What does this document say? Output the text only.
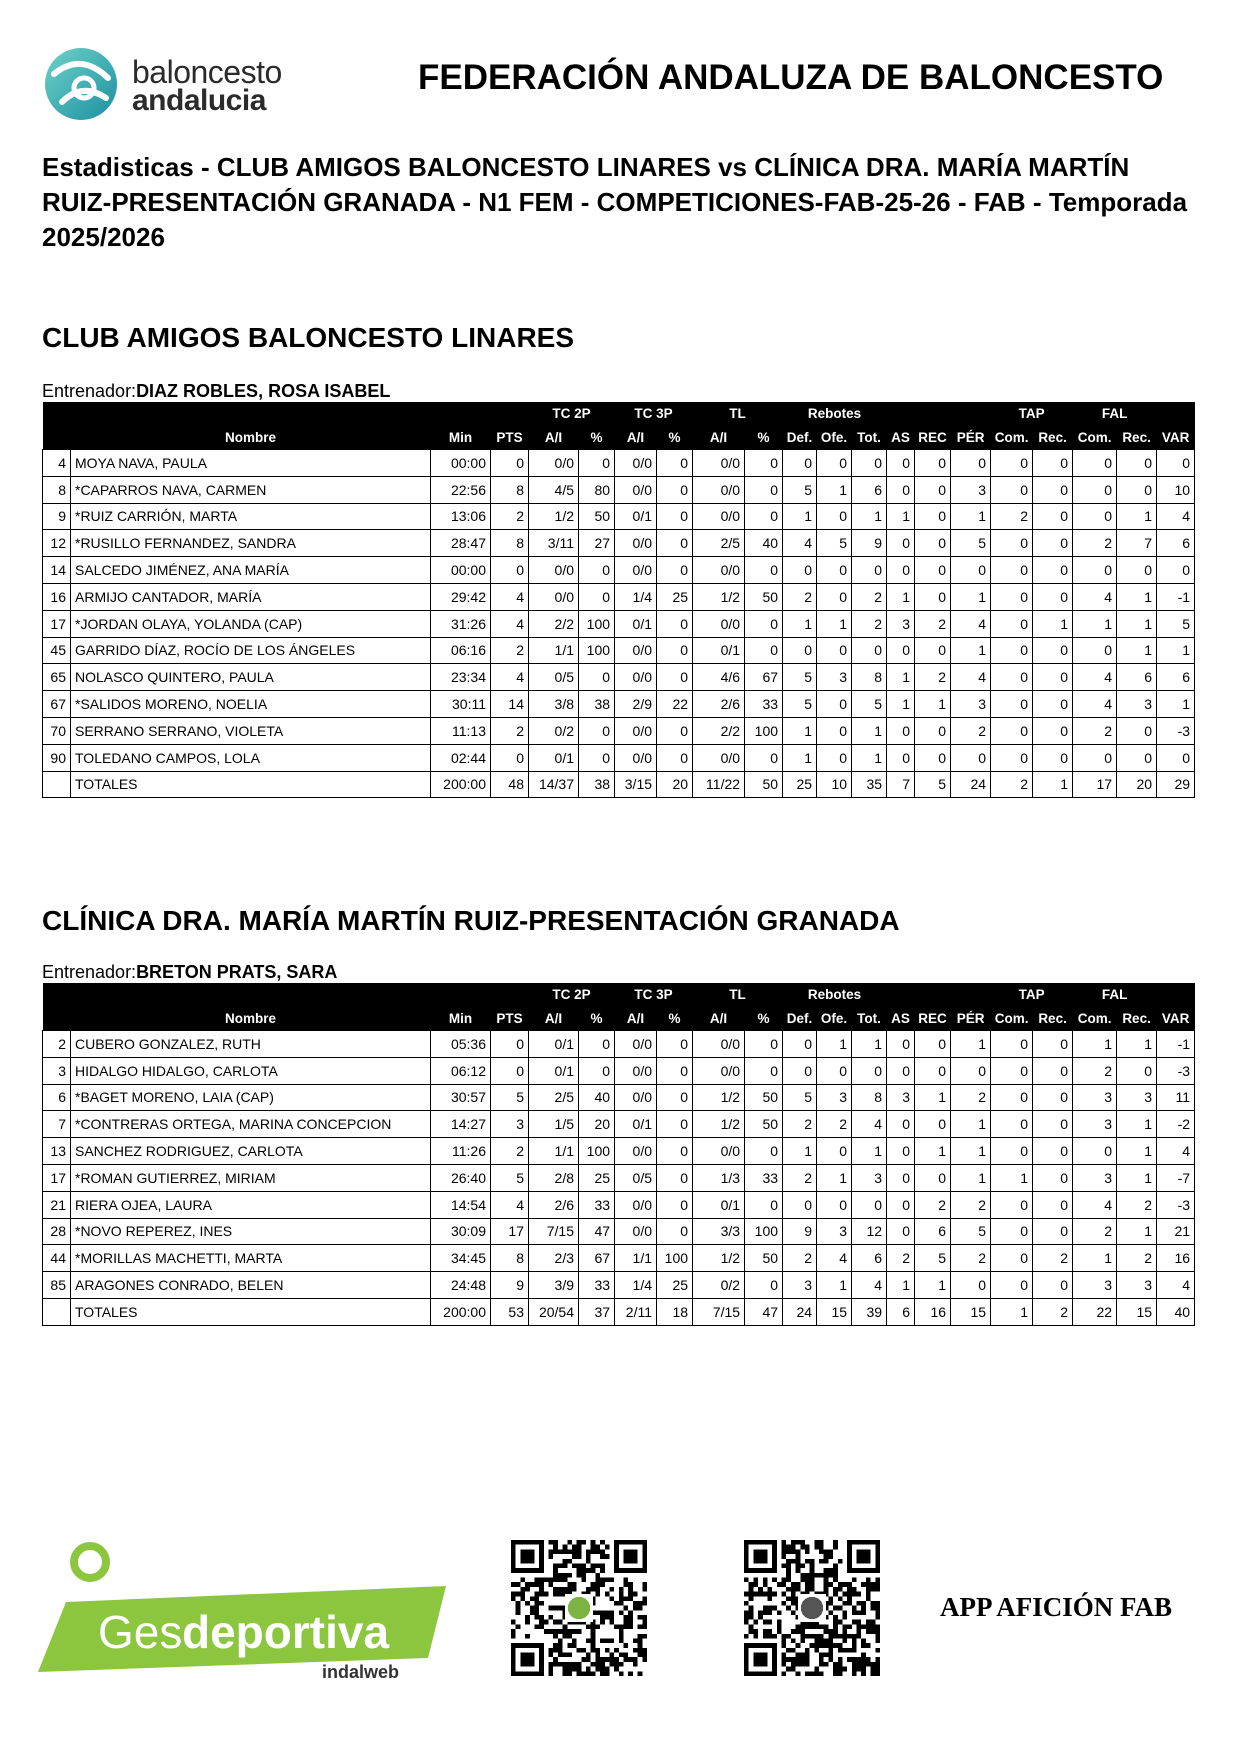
baloncesto
andalucia
FEDERACIÓN ANDALUZA DE BALONCESTO
Estadisticas - CLUB AMIGOS BALONCESTO LINARES vs CLÍNICA DRA. MARÍA MARTÍN RUIZ-PRESENTACIÓN GRANADA - N1 FEM - COMPETICIONES-FAB-25-26 - FAB - Temporada 2025/2026
CLUB AMIGOS BALONCESTO LINARES
Entrenador:DIAZ ROBLES, ROSA ISABEL
				TC 2P		TC 3P		TL		Rebotes						TAP		FAL		
	Nombre	Min	PTS	A/I	%	A/I	%	A/I	%	Def.	Ofe.	Tot.	AS	REC	PÉR	Com.	Rec.	Com.	Rec.	VAR
4	MOYA NAVA, PAULA	00:00	0	0/0	0	0/0	0	0/0	0	0	0	0	0	0	0	0	0	0	0	0
8	*CAPARROS NAVA, CARMEN	22:56	8	4/5	80	0/0	0	0/0	0	5	1	6	0	0	3	0	0	0	0	10
9	*RUIZ CARRIÓN, MARTA	13:06	2	1/2	50	0/1	0	0/0	0	1	0	1	1	0	1	2	0	0	1	4
12	*RUSILLO FERNANDEZ, SANDRA	28:47	8	3/11	27	0/0	0	2/5	40	4	5	9	0	0	5	0	0	2	7	6
14	SALCEDO JIMÉNEZ, ANA MARÍA	00:00	0	0/0	0	0/0	0	0/0	0	0	0	0	0	0	0	0	0	0	0	0
16	ARMIJO CANTADOR, MARÍA	29:42	4	0/0	0	1/4	25	1/2	50	2	0	2	1	0	1	0	0	4	1	-1
17	*JORDAN OLAYA, YOLANDA (CAP)	31:26	4	2/2	100	0/1	0	0/0	0	1	1	2	3	2	4	0	1	1	1	5
45	GARRIDO DÍAZ, ROCÍO DE LOS ÁNGELES	06:16	2	1/1	100	0/0	0	0/1	0	0	0	0	0	0	1	0	0	0	1	1
65	NOLASCO QUINTERO, PAULA	23:34	4	0/5	0	0/0	0	4/6	67	5	3	8	1	2	4	0	0	4	6	6
67	*SALIDOS MORENO, NOELIA	30:11	14	3/8	38	2/9	22	2/6	33	5	0	5	1	1	3	0	0	4	3	1
70	SERRANO SERRANO, VIOLETA	11:13	2	0/2	0	0/0	0	2/2	100	1	0	1	0	0	2	0	0	2	0	-3
90	TOLEDANO CAMPOS, LOLA	02:44	0	0/1	0	0/0	0	0/0	0	1	0	1	0	0	0	0	0	0	0	0
	TOTALES	200:00	48	14/37	38	3/15	20	11/22	50	25	10	35	7	5	24	2	1	17	20	29
CLÍNICA DRA. MARÍA MARTÍN RUIZ-PRESENTACIÓN GRANADA
Entrenador:BRETON PRATS, SARA
				TC 2P		TC 3P		TL		Rebotes						TAP		FAL		
	Nombre	Min	PTS	A/I	%	A/I	%	A/I	%	Def.	Ofe.	Tot.	AS	REC	PÉR	Com.	Rec.	Com.	Rec.	VAR
2	CUBERO GONZALEZ, RUTH	05:36	0	0/1	0	0/0	0	0/0	0	0	1	1	0	0	1	0	0	1	1	-1
3	HIDALGO HIDALGO, CARLOTA	06:12	0	0/1	0	0/0	0	0/0	0	0	0	0	0	0	0	0	0	2	0	-3
6	*BAGET MORENO, LAIA (CAP)	30:57	5	2/5	40	0/0	0	1/2	50	5	3	8	3	1	2	0	0	3	3	11
7	*CONTRERAS ORTEGA, MARINA CONCEPCION	14:27	3	1/5	20	0/1	0	1/2	50	2	2	4	0	0	1	0	0	3	1	-2
13	SANCHEZ RODRIGUEZ, CARLOTA	11:26	2	1/1	100	0/0	0	0/0	0	1	0	1	0	1	1	0	0	0	1	4
17	*ROMAN GUTIERREZ, MIRIAM	26:40	5	2/8	25	0/5	0	1/3	33	2	1	3	0	0	1	1	0	3	1	-7
21	RIERA OJEA, LAURA	14:54	4	2/6	33	0/0	0	0/1	0	0	0	0	0	2	2	0	0	4	2	-3
28	*NOVO REPEREZ, INES	30:09	17	7/15	47	0/0	0	3/3	100	9	3	12	0	6	5	0	0	2	1	21
44	*MORILLAS MACHETTI, MARTA	34:45	8	2/3	67	1/1	100	1/2	50	2	4	6	2	5	2	0	2	1	2	16
85	ARAGONES CONRADO, BELEN	24:48	9	3/9	33	1/4	25	0/2	0	3	1	4	1	1	0	0	0	3	3	4
	TOTALES	200:00	53	20/54	37	2/11	18	7/15	47	24	15	39	6	16	15	1	2	22	15	40
Ges deportiva
indalweb
APP AFICIÓN FAB
